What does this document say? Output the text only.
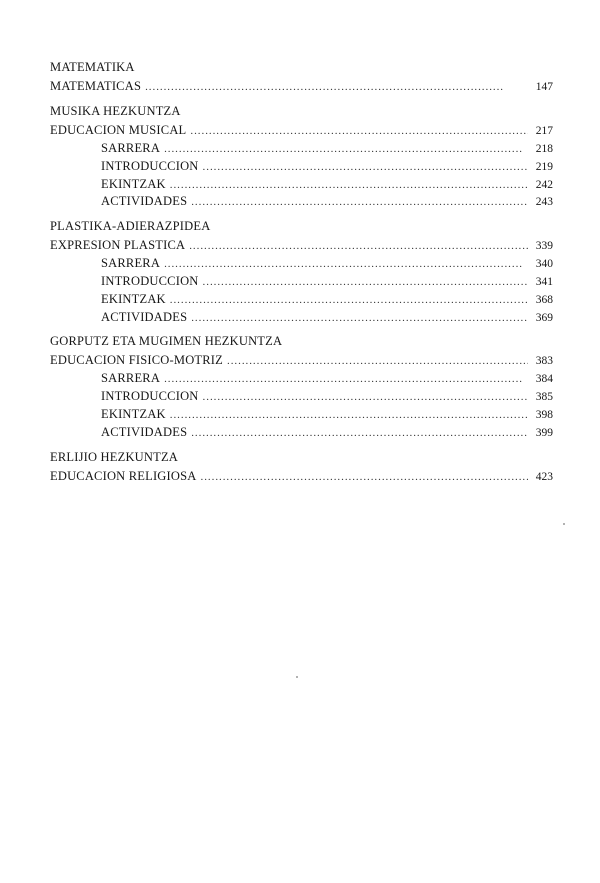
MATEMATIKA
MATEMATICAS . . .	147
MUSIKA HEZKUNTZA
EDUCACION MUSICAL . . .	217
SARRERA . . .	218
INTRODUCCION . . .	219
EKINTZAK . . .	242
ACTIVIDADES . . .	243
PLASTIKA-ADIERAZPIDEA
EXPRESION PLASTICA . . .	339
SARRERA . . .	340
INTRODUCCION . . .	341
EKINTZAK . . .	368
ACTIVIDADES . . .	369
GORPUTZ ETA MUGIMEN HEZKUNTZA
EDUCACION FISICO-MOTRIZ . . .	383
SARRERA . . .	384
INTRODUCCION . . .	385
EKINTZAK . . .	398
ACTIVIDADES . . .	399
ERLIJIO HEZKUNTZA
EDUCACION RELIGIOSA . . .	423
